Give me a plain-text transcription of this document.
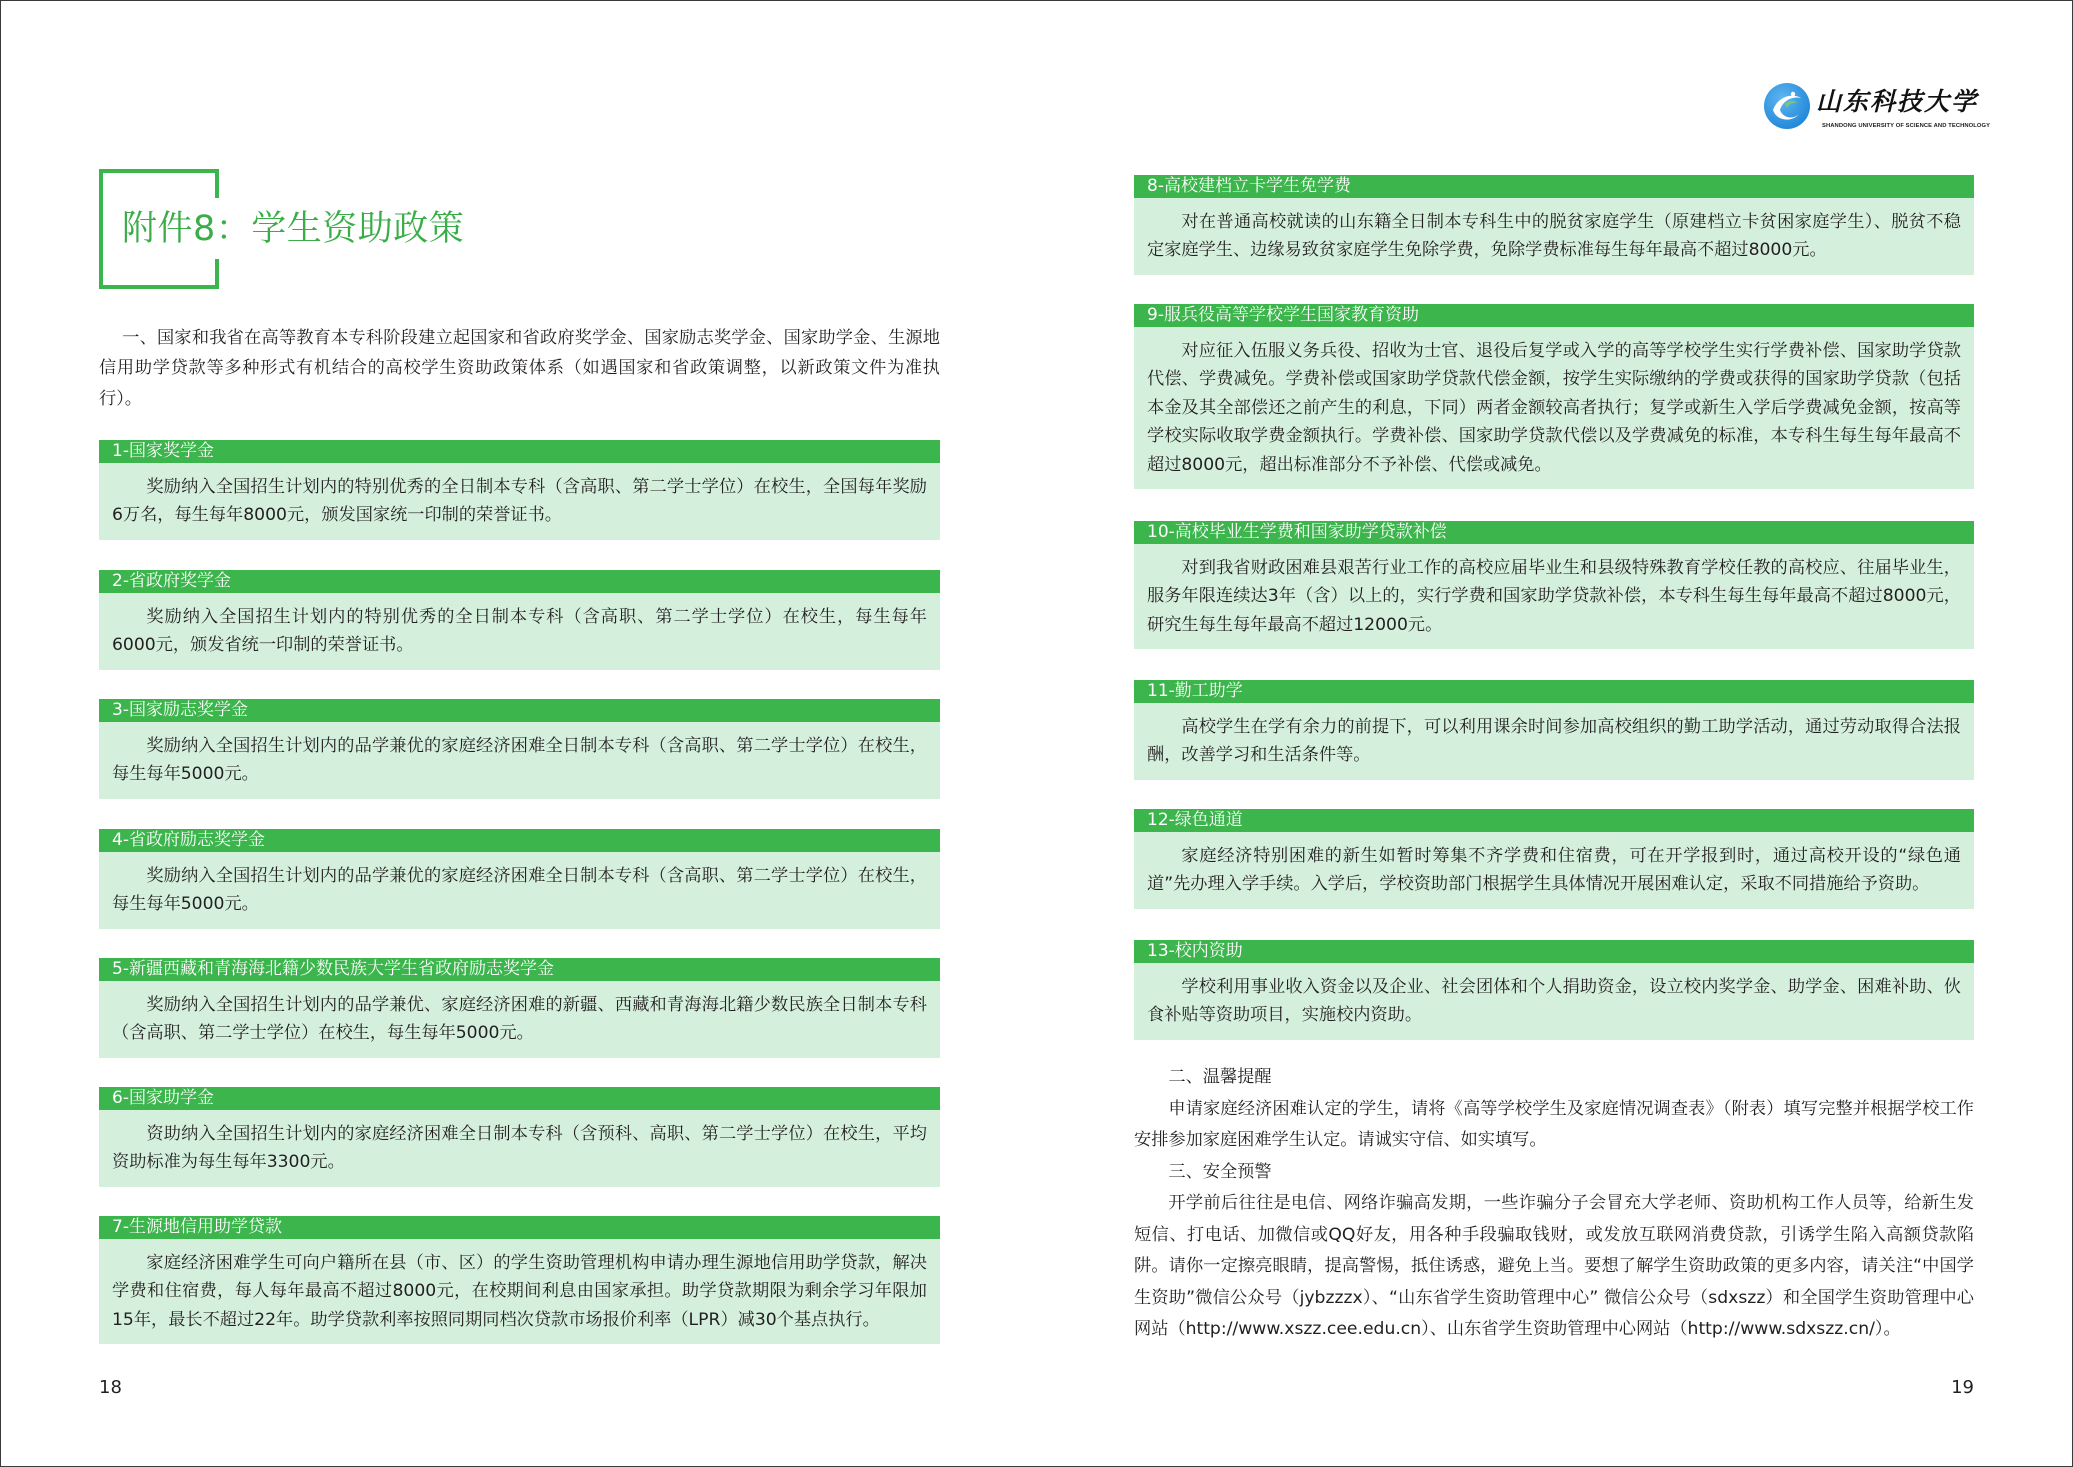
附件8：学生资助政策

一、国家和我省在高等教育本专科阶段建立起国家和省政府奖学金、国家励志奖学金、国家助学金、生源地信用助学贷款等多种形式有机结合的高校学生资助政策体系（如遇国家和省政策调整，以新政策文件为准执行）。

1-国家奖学金
奖励纳入全国招生计划内的特别优秀的全日制本专科（含高职、第二学士学位）在校生，全国每年奖励6万名，每生每年8000元，颁发国家统一印制的荣誉证书。
2-省政府奖学金
奖励纳入全国招生计划内的特别优秀的全日制本专科（含高职、第二学士学位）在校生，每生每年6000元，颁发省统一印制的荣誉证书。
3-国家励志奖学金
奖励纳入全国招生计划内的品学兼优的家庭经济困难全日制本专科（含高职、第二学士学位）在校生，每生每年5000元。
4-省政府励志奖学金
奖励纳入全国招生计划内的品学兼优的家庭经济困难全日制本专科（含高职、第二学士学位）在校生，每生每年5000元。
5-新疆西藏和青海海北籍少数民族大学生省政府励志奖学金
奖励纳入全国招生计划内的品学兼优、家庭经济困难的新疆、西藏和青海海北籍少数民族全日制本专科（含高职、第二学士学位）在校生，每生每年5000元。
6-国家助学金
资助纳入全国招生计划内的家庭经济困难全日制本专科（含预科、高职、第二学士学位）在校生，平均资助标准为每生每年3300元。
7-生源地信用助学贷款
家庭经济困难学生可向户籍所在县（市、区）的学生资助管理机构申请办理生源地信用助学贷款，解决学费和住宿费，每人每年最高不超过8000元，在校期间利息由国家承担。助学贷款期限为剩余学习年限加15年，最长不超过22年。助学贷款利率按照同期同档次贷款市场报价利率（LPR）减30个基点执行。
18
山东科技大学
SHANDONG UNIVERSITY OF SCIENCE AND TECHNOLOGY
8-高校建档立卡学生免学费
对在普通高校就读的山东籍全日制本专科生中的脱贫家庭学生（原建档立卡贫困家庭学生）、脱贫不稳定家庭学生、边缘易致贫家庭学生免除学费，免除学费标准每生每年最高不超过8000元。
9-服兵役高等学校学生国家教育资助
对应征入伍服义务兵役、招收为士官、退役后复学或入学的高等学校学生实行学费补偿、国家助学贷款代偿、学费减免。学费补偿或国家助学贷款代偿金额，按学生实际缴纳的学费或获得的国家助学贷款（包括本金及其全部偿还之前产生的利息，下同）两者金额较高者执行；复学或新生入学后学费减免金额，按高等学校实际收取学费金额执行。学费补偿、国家助学贷款代偿以及学费减免的标准，本专科生每生每年最高不超过8000元，超出标准部分不予补偿、代偿或减免。
10-高校毕业生学费和国家助学贷款补偿
对到我省财政困难县艰苦行业工作的高校应届毕业生和县级特殊教育学校任教的高校应、往届毕业生，服务年限连续达3年（含）以上的，实行学费和国家助学贷款补偿，本专科生每生每年最高不超过8000元，研究生每生每年最高不超过12000元。
11-勤工助学
高校学生在学有余力的前提下，可以利用课余时间参加高校组织的勤工助学活动，通过劳动取得合法报酬，改善学习和生活条件等。
12-绿色通道
家庭经济特别困难的新生如暂时筹集不齐学费和住宿费，可在开学报到时，通过高校开设的“绿色通道”先办理入学手续。入学后，学校资助部门根据学生具体情况开展困难认定，采取不同措施给予资助。
13-校内资助
学校利用事业收入资金以及企业、社会团体和个人捐助资金，设立校内奖学金、助学金、困难补助、伙食补贴等资助项目，实施校内资助。

二、温馨提醒

申请家庭经济困难认定的学生，请将《高等学校学生及家庭情况调查表》（附表）填写完整并根据学校工作安排参加家庭困难学生认定。请诚实守信、如实填写。

三、安全预警

开学前后往往是电信、网络诈骗高发期，一些诈骗分子会冒充大学老师、资助机构工作人员等，给新生发短信、打电话、加微信或QQ好友，用各种手段骗取钱财，或发放互联网消费贷款，引诱学生陷入高额贷款陷阱。请你一定擦亮眼睛，提高警惕，抵住诱惑，避免上当。要想了解学生资助政策的更多内容，请关注“中国学生资助”微信公众号（jybzzzx）、“山东省学生资助管理中心” 微信公众号（sdxszz）和全国学生资助管理中心网站（http://www.xszz.cee.edu.cn）、山东省学生资助管理中心网站（http://www.sdxszz.cn/）。

19
